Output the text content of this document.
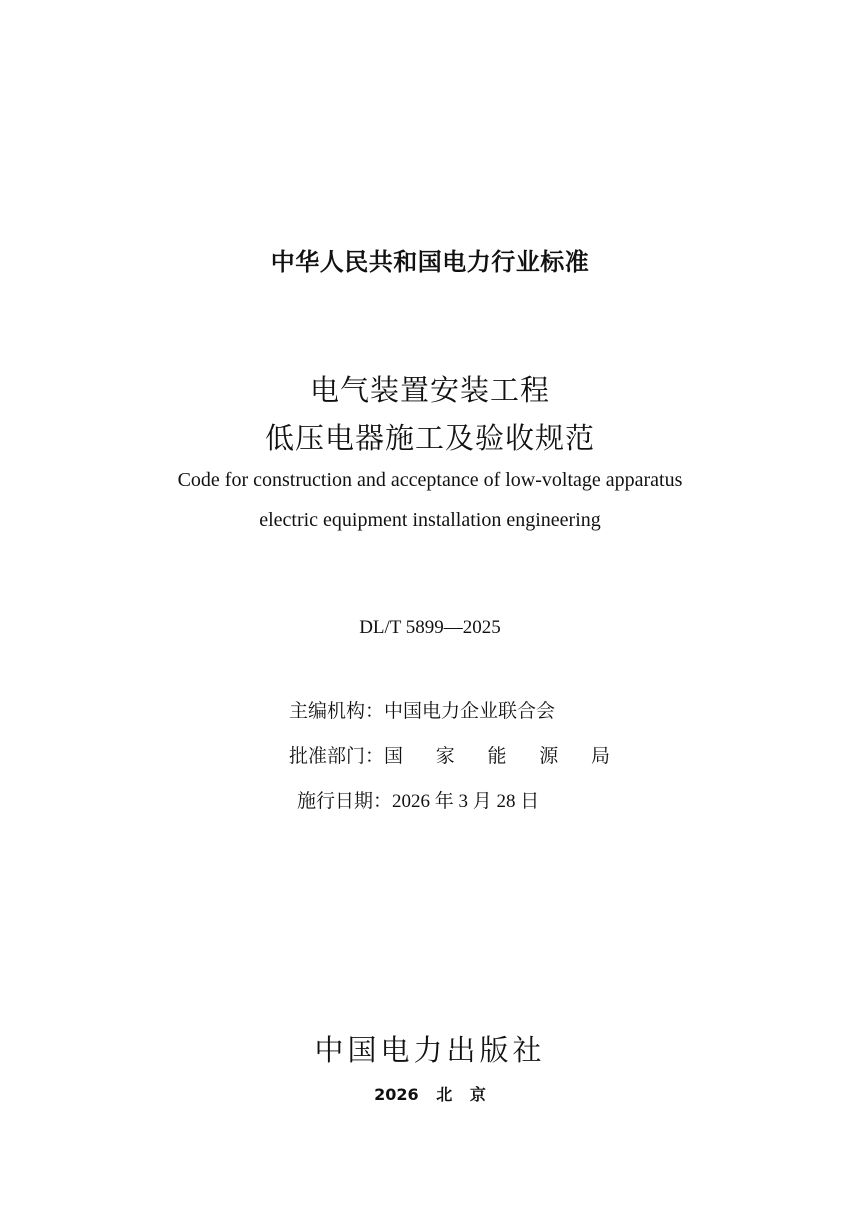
中华人民共和国电力行业标准
电气装置安装工程
低压电器施工及验收规范
Code for construction and acceptance of low-voltage apparatus
electric equipment installation engineering
DL/T 5899—2025
主编机构：中国电力企业联合会
批准部门：国 家 能 源 局
施行日期：2026 年 3 月 28 日
中国电力出版社
2026 北 京
